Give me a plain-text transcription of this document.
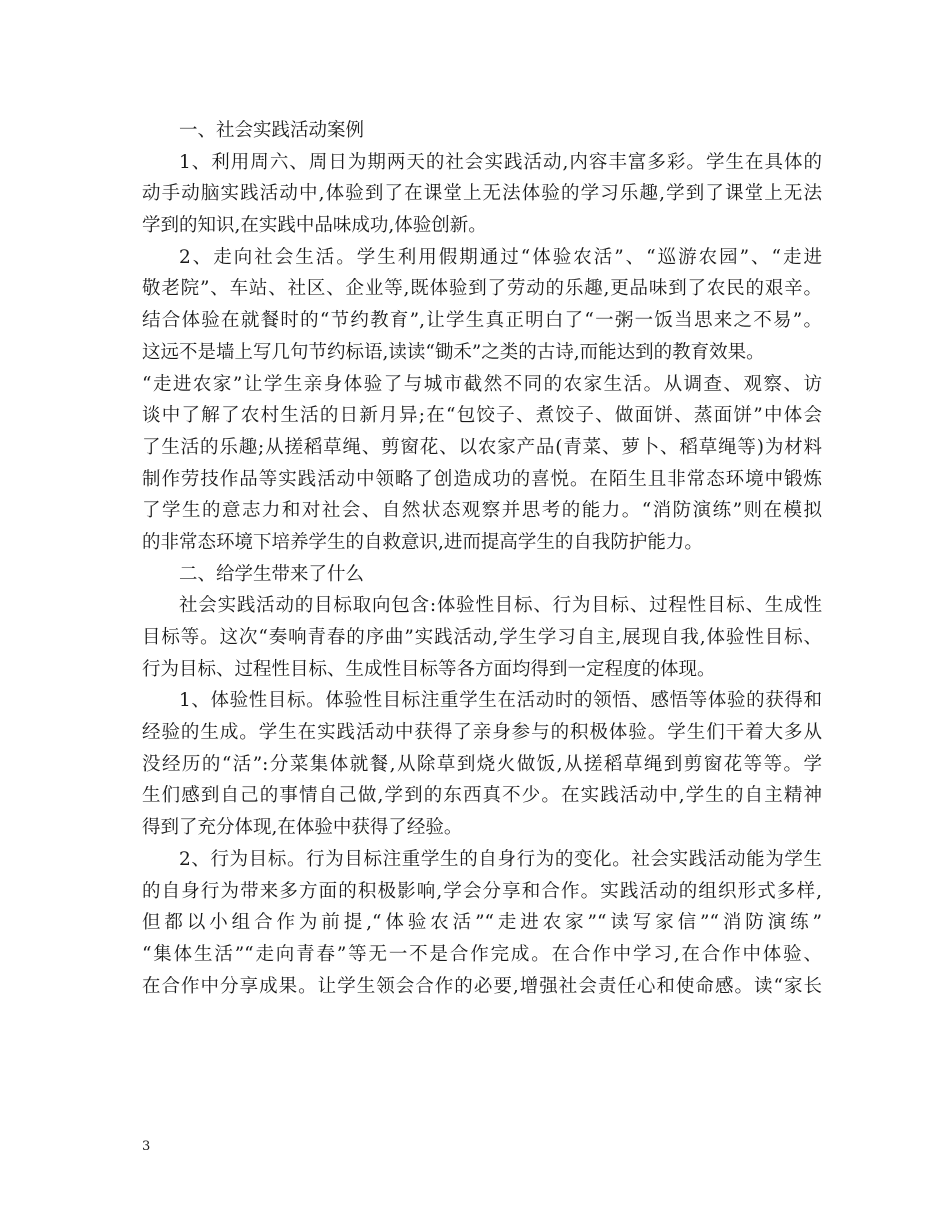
一、社会实践活动案例
1、利用周六、周日为期两天的社会实践活动,内容丰富多彩。学生在具体的
动手动脑实践活动中,体验到了在课堂上无法体验的学习乐趣,学到了课堂上无法
学到的知识,在实践中品味成功,体验创新。
2、走向社会生活。学生利用假期通过“体验农活”、“巡游农园”、“走进
敬老院”、车站、社区、企业等,既体验到了劳动的乐趣,更品味到了农民的艰辛。
结合体验在就餐时的“节约教育”,让学生真正明白了“一粥一饭当思来之不易”。
这远不是墙上写几句节约标语,读读“锄禾”之类的古诗,而能达到的教育效果。
“走进农家”让学生亲身体验了与城市截然不同的农家生活。从调查、观察、访
谈中了解了农村生活的日新月异;在“包饺子、煮饺子、做面饼、蒸面饼”中体会
了生活的乐趣;从搓稻草绳、剪窗花、以农家产品(青菜、萝卜、稻草绳等)为材料
制作劳技作品等实践活动中领略了创造成功的喜悦。在陌生且非常态环境中锻炼
了学生的意志力和对社会、自然状态观察并思考的能力。“消防演练”则在模拟
的非常态环境下培养学生的自救意识,进而提高学生的自我防护能力。
二、给学生带来了什么
社会实践活动的目标取向包含:体验性目标、行为目标、过程性目标、生成性
目标等。这次“奏响青春的序曲”实践活动,学生学习自主,展现自我,体验性目标、
行为目标、过程性目标、生成性目标等各方面均得到一定程度的体现。
1、体验性目标。体验性目标注重学生在活动时的领悟、感悟等体验的获得和
经验的生成。学生在实践活动中获得了亲身参与的积极体验。学生们干着大多从
没经历的“活”:分菜集体就餐,从除草到烧火做饭,从搓稻草绳到剪窗花等等。学
生们感到自己的事情自己做,学到的东西真不少。在实践活动中,学生的自主精神
得到了充分体现,在体验中获得了经验。
2、行为目标。行为目标注重学生的自身行为的变化。社会实践活动能为学生
的自身行为带来多方面的积极影响,学会分享和合作。实践活动的组织形式多样,
但都以小组合作为前提,“体验农活”“走进农家”“读写家信”“消防演练”
“集体生活”“走向青春”等无一不是合作完成。在合作中学习,在合作中体验、
在合作中分享成果。让学生领会合作的必要,增强社会责任心和使命感。读“家长
3
